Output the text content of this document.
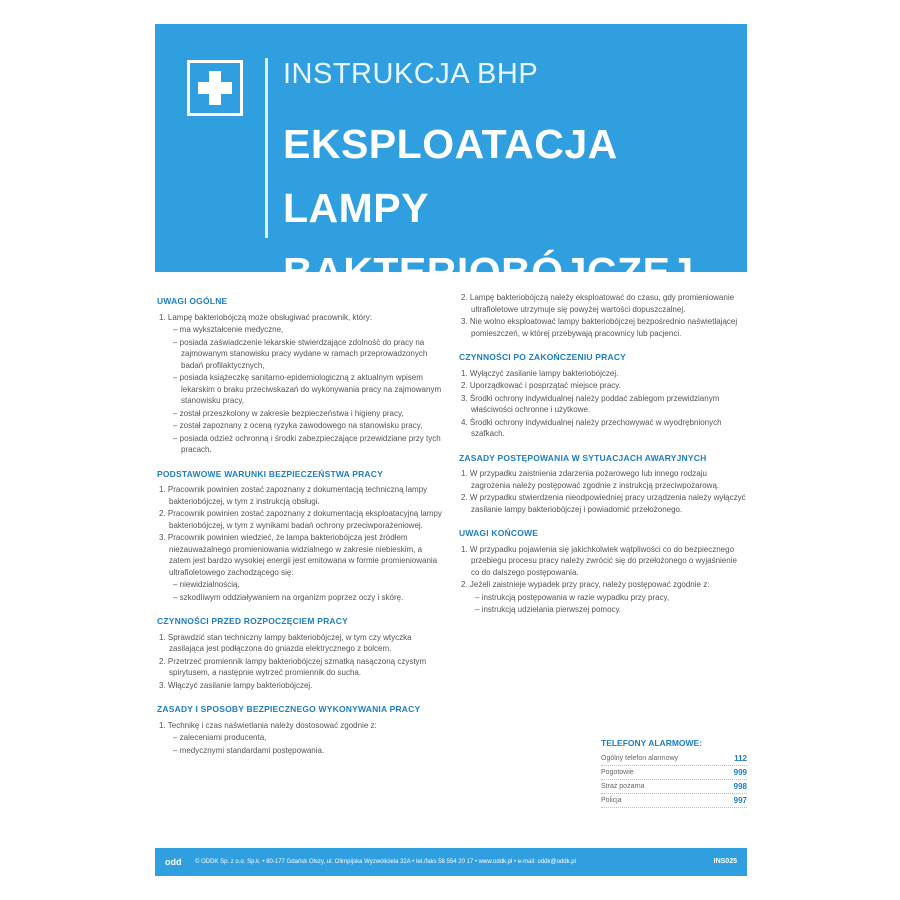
INSTRUKCJA BHP
EKSPLOATACJA LAMPY
BAKTERIOBÓJCZEJ
UWAGI OGÓLNE
1. Lampę bakteriobójczą może obsługiwać pracownik, który:
– ma wykształcenie medyczne,
– posiada zaświadczenie lekarskie stwierdzające zdolność do pracy na zajmowanym stanowisku pracy wydane w ramach przeprowadzonych badań profilaktycznych,
– posiada książeczkę sanitarno-epidemiologiczną z aktualnym wpisem lekarskim o braku przeciwskazań do wykonywania pracy na zajmowanym stanowisku pracy,
– został przeszkolony w zakresie bezpieczeństwa i higieny pracy,
– został zapoznany z oceną ryzyka zawodowego na stanowisku pracy,
– posiada odzież ochronną i środki zabezpieczające przewidziane przy tych pracach.
PODSTAWOWE WARUNKI BEZPIECZEŃSTWA PRACY
1. Pracownik powinien zostać zapoznany z dokumentacją techniczną lampy bakteriobójczej, w tym z instrukcją obsługi.
2. Pracownik powinien zostać zapoznany z dokumentacją eksploatacyjną lampy bakteriobójczej, w tym z wynikami badań ochrony przeciwporażeniowej.
3. Pracownik powinien wiedzieć, że lampa bakteriobójcza jest źródłem niezauważalnego promieniowania widzialnego w zakresie niebieskim, a zatem jest bardzo wysokiej energii jest emitowana w formie promieniowania ultrafioletowego zachodzącego się:
– niewidzialnością,
– szkodliwym oddziaływaniem na organizm poprzez oczy i skórę.
CZYNNOŚCI PRZED ROZPOCZĘCIEM PRACY
1. Sprawdzić stan techniczny lampy bakteriobójczej, w tym czy wtyczka zasilająca jest podłączona do gniazda elektrycznego z bolcem.
2. Przetrzeć promiennik lampy bakteriobójczej szmatką nasączoną czystym spirytusem, a następnie wytrzeć promiennik do sucha.
3. Włączyć zasilanie lampy bakteriobójczej.
ZASADY I SPOSOBY BEZPIECZNEGO WYKONYWANIA PRACY
1. Technikę i czas naświetlania należy dostosować zgodnie z:
– zaleceniami producenta,
– medycznymi standardami postępowania.
2. Lampę bakteriobójczą należy eksploatować do czasu, gdy promieniowanie ultrafioletowe utrzymuje się powyżej wartości dopuszczalnej.
3. Nie wolno eksploatować lampy bakteriobójczej bezpośrednio naświetlającej pomieszczeń, w której przebywają pracownicy lub pacjenci.
CZYNNOŚCI PO ZAKOŃCZENIU PRACY
1. Wyłączyć zasilanie lampy bakteriobójczej.
2. Uporządkować i posprzątać miejsce pracy.
3. Środki ochrony indywidualnej należy poddać zabiegom przewidzianym właściwości ochronne i użytkowe.
4. Środki ochrony indywidualnej należy przechowywać w wyodrębnionych szafkach.
ZASADY POSTĘPOWANIA W SYTUACJACH AWARYJNYCH
1. W przypadku zaistnienia zdarzenia pożarowego lub innego rodzaju zagrożenia należy postępować zgodnie z instrukcją przeciwpożarową.
2. W przypadku stwierdzenia nieodpowiedniej pracy urządzenia należy wyłączyć zasilanie lampy bakteriobójczej i powiadomić przełożonego.
UWAGI KOŃCOWE
1. W przypadku pojawienia się jakichkolwiek wątpliwości co do bezpiecznego przebiegu procesu pracy należy zwrócić się do przełożonego o wyjaśnienie co do dalszego postępowania.
2. Jeżeli zaistnieje wypadek przy pracy, należy postępować zgodnie z:
– instrukcją postępowania w razie wypadku przy pracy,
– instrukcją udzielania pierwszej pomocy.
TELEFONY ALARMOWE:
Ogólny telefon alarmowy	112
Pogotowie	999
Straż pożarna	998
Policja	997
odd © ODDK Sp. z o.o. Sp.k. • 80-177 Gdańsk Olszy, ul. Olimpijska Wyzwoliciela 32A • tel./faks 58 554 20 17 • www.oddk.pl • e-mail: oddk@oddk.pl	INS025
